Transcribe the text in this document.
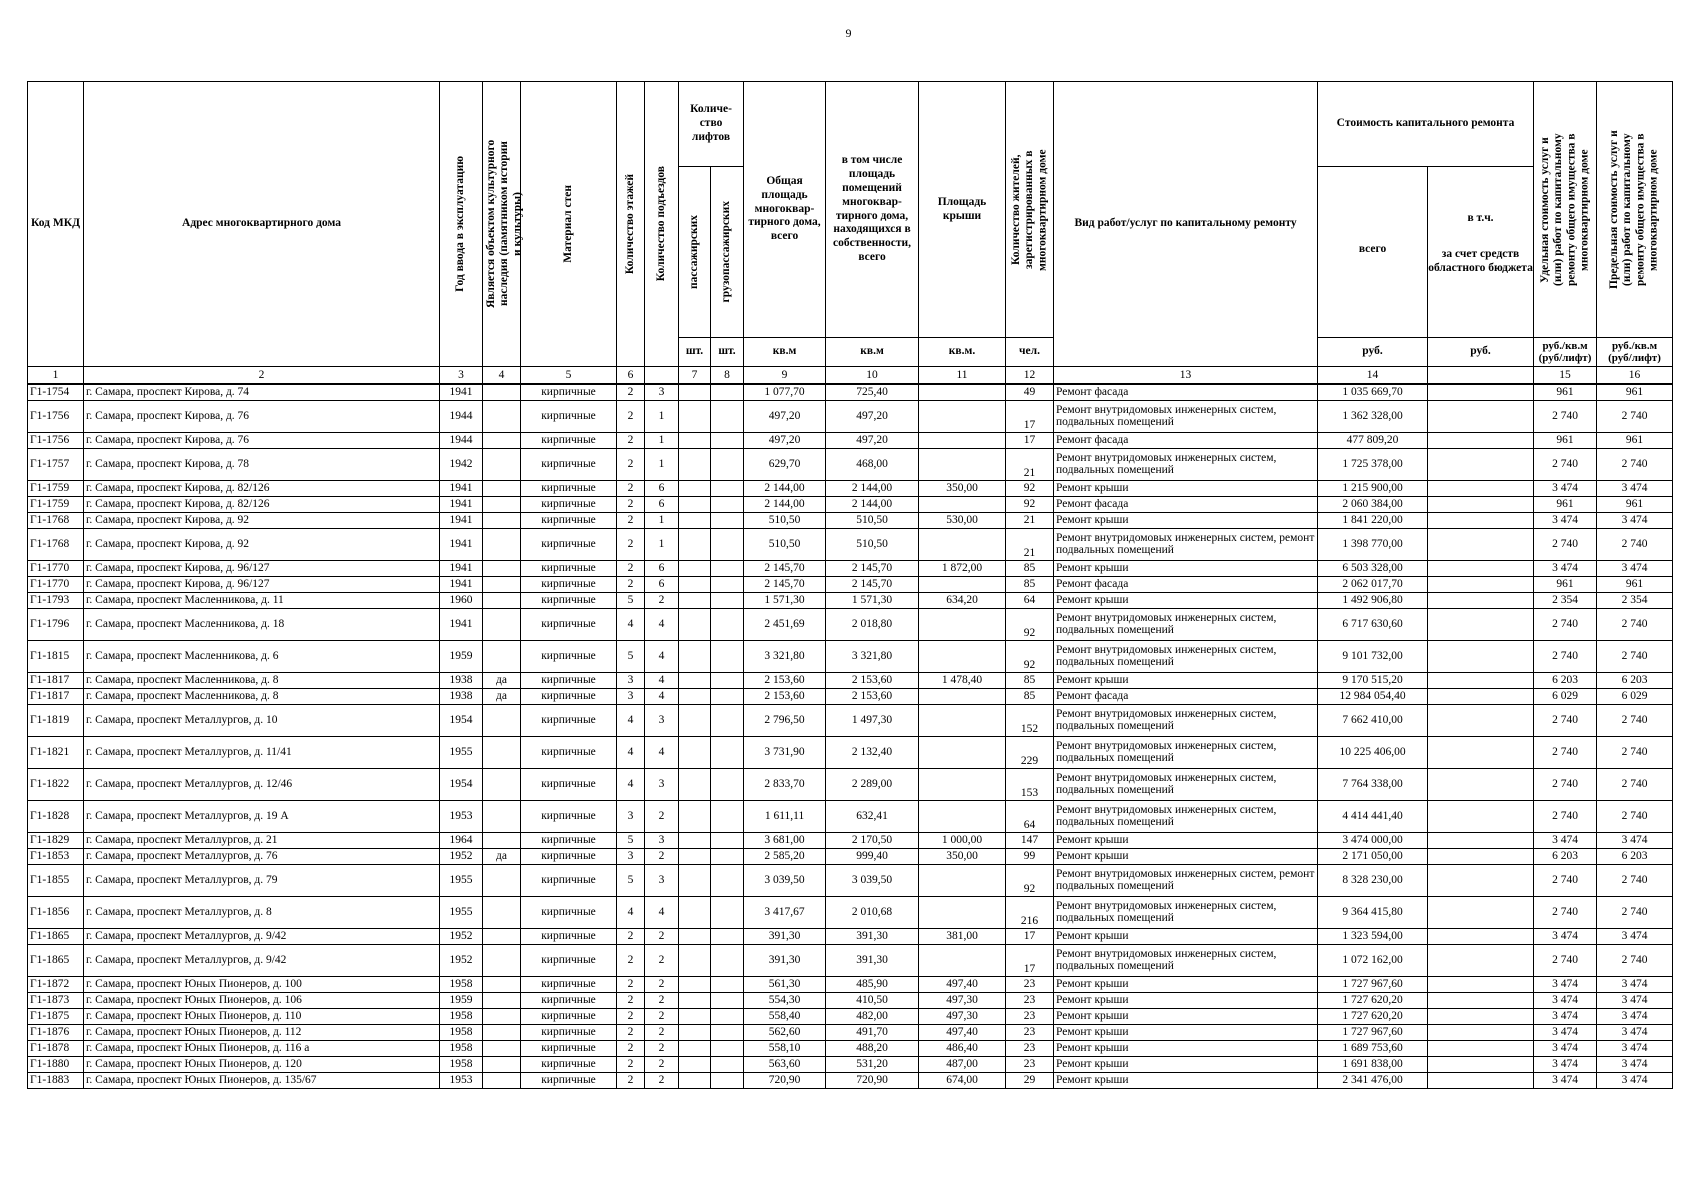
9
Код МКД	Адрес многоквартирного дома	Год ввода в эксплуатацию	Является объектом культурного наследия (памятником истории и культуры)	Материал стен	Количество этажей	Количество подъездов	Количе-ство лифтов		Общая площадь многоквар-тирного дома, всего	в том числе площадь помещений многоквар-тирного дома, находящихся в собственности, всего	Площадь крыши	Количество жителей, зарегистрированных в многоквартирном доме	Вид работ/услуг по капитальному ремонту	Стоимость капитального ремонта		Удельная стоимость услуг и (или) работ по капитальному ремонту общего имущества в многоквартирном доме	Предельная стоимость услуг и (или) работ по капитальному ремонту общего имущества в многоквартирном доме

							пассажирских	грузопассажирских						всего	в т.ч.
за счет средств областного бюджета		

							шт.	шт.	кв.м	кв.м	кв.м.	чел.		руб.	руб.	руб./кв.м (руб/лифт)	руб./кв.м (руб/лифт)
1	2	3	4	5	6		7	8	9	10	11	12	13	14		15	16
Г1-1754	г. Самара, проспект Кирова, д. 74	1941		кирпичные	2	3			1 077,70	725,40		49	Ремонт фасада	1 035 669,70		961	961
Г1-1756	г. Самара, проспект Кирова, д. 76	1944		кирпичные	2	1			497,20	497,20		17	Ремонт внутридомовых инженерных систем, подвальных помещений	1 362 328,00		2 740	2 740
Г1-1756	г. Самара, проспект Кирова, д. 76	1944		кирпичные	2	1			497,20	497,20		17	Ремонт фасада	477 809,20		961	961
Г1-1757	г. Самара, проспект Кирова, д. 78	1942		кирпичные	2	1			629,70	468,00		21	Ремонт внутридомовых инженерных систем, подвальных помещений	1 725 378,00		2 740	2 740
Г1-1759	г. Самара, проспект Кирова, д. 82/126	1941		кирпичные	2	6			2 144,00	2 144,00	350,00	92	Ремонт крыши	1 215 900,00		3 474	3 474
Г1-1759	г. Самара, проспект Кирова, д. 82/126	1941		кирпичные	2	6			2 144,00	2 144,00		92	Ремонт фасада	2 060 384,00		961	961
Г1-1768	г. Самара, проспект Кирова, д. 92	1941		кирпичные	2	1			510,50	510,50	530,00	21	Ремонт крыши	1 841 220,00		3 474	3 474
Г1-1768	г. Самара, проспект Кирова, д. 92	1941		кирпичные	2	1			510,50	510,50		21	Ремонт внутридомовых инженерных систем, ремонт подвальных помещений	1 398 770,00		2 740	2 740
Г1-1770	г. Самара, проспект Кирова, д. 96/127	1941		кирпичные	2	6			2 145,70	2 145,70	1 872,00	85	Ремонт крыши	6 503 328,00		3 474	3 474
Г1-1770	г. Самара, проспект Кирова, д. 96/127	1941		кирпичные	2	6			2 145,70	2 145,70		85	Ремонт фасада	2 062 017,70		961	961
Г1-1793	г. Самара, проспект Масленникова, д. 11	1960		кирпичные	5	2			1 571,30	1 571,30	634,20	64	Ремонт крыши	1 492 906,80		2 354	2 354
Г1-1796	г. Самара, проспект Масленникова, д. 18	1941		кирпичные	4	4			2 451,69	2 018,80		92	Ремонт внутридомовых инженерных систем, подвальных помещений	6 717 630,60		2 740	2 740
Г1-1815	г. Самара, проспект Масленникова, д. 6	1959		кирпичные	5	4			3 321,80	3 321,80		92	Ремонт внутридомовых инженерных систем, подвальных помещений	9 101 732,00		2 740	2 740
Г1-1817	г. Самара, проспект Масленникова, д. 8	1938	да	кирпичные	3	4			2 153,60	2 153,60	1 478,40	85	Ремонт крыши	9 170 515,20		6 203	6 203
Г1-1817	г. Самара, проспект Масленникова, д. 8	1938	да	кирпичные	3	4			2 153,60	2 153,60		85	Ремонт фасада	12 984 054,40		6 029	6 029
Г1-1819	г. Самара, проспект Металлургов, д. 10	1954		кирпичные	4	3			2 796,50	1 497,30		152	Ремонт внутридомовых инженерных систем, подвальных помещений	7 662 410,00		2 740	2 740
Г1-1821	г. Самара, проспект Металлургов, д. 11/41	1955		кирпичные	4	4			3 731,90	2 132,40		229	Ремонт внутридомовых инженерных систем, подвальных помещений	10 225 406,00		2 740	2 740
Г1-1822	г. Самара, проспект Металлургов, д. 12/46	1954		кирпичные	4	3			2 833,70	2 289,00		153	Ремонт внутридомовых инженерных систем, подвальных помещений	7 764 338,00		2 740	2 740
Г1-1828	г. Самара, проспект Металлургов, д. 19 А	1953		кирпичные	3	2			1 611,11	632,41		64	Ремонт внутридомовых инженерных систем, подвальных помещений	4 414 441,40		2 740	2 740
Г1-1829	г. Самара, проспект Металлургов, д. 21	1964		кирпичные	5	3			3 681,00	2 170,50	1 000,00	147	Ремонт крыши	3 474 000,00		3 474	3 474
Г1-1853	г. Самара, проспект Металлургов, д. 76	1952	да	кирпичные	3	2			2 585,20	999,40	350,00	99	Ремонт крыши	2 171 050,00		6 203	6 203
Г1-1855	г. Самара, проспект Металлургов, д. 79	1955		кирпичные	5	3			3 039,50	3 039,50		92	Ремонт внутридомовых инженерных систем, ремонт подвальных помещений	8 328 230,00		2 740	2 740
Г1-1856	г. Самара, проспект Металлургов, д. 8	1955		кирпичные	4	4			3 417,67	2 010,68		216	Ремонт внутридомовых инженерных систем, подвальных помещений	9 364 415,80		2 740	2 740
Г1-1865	г. Самара, проспект Металлургов, д. 9/42	1952		кирпичные	2	2			391,30	391,30	381,00	17	Ремонт крыши	1 323 594,00		3 474	3 474
Г1-1865	г. Самара, проспект Металлургов, д. 9/42	1952		кирпичные	2	2			391,30	391,30		17	Ремонт внутридомовых инженерных систем, подвальных помещений	1 072 162,00		2 740	2 740
Г1-1872	г. Самара, проспект Юных Пионеров, д. 100	1958		кирпичные	2	2			561,30	485,90	497,40	23	Ремонт крыши	1 727 967,60		3 474	3 474
Г1-1873	г. Самара, проспект Юных Пионеров, д. 106	1959		кирпичные	2	2			554,30	410,50	497,30	23	Ремонт крыши	1 727 620,20		3 474	3 474
Г1-1875	г. Самара, проспект Юных Пионеров, д. 110	1958		кирпичные	2	2			558,40	482,00	497,30	23	Ремонт крыши	1 727 620,20		3 474	3 474
Г1-1876	г. Самара, проспект Юных Пионеров, д. 112	1958		кирпичные	2	2			562,60	491,70	497,40	23	Ремонт крыши	1 727 967,60		3 474	3 474
Г1-1878	г. Самара, проспект Юных Пионеров, д. 116 а	1958		кирпичные	2	2			558,10	488,20	486,40	23	Ремонт крыши	1 689 753,60		3 474	3 474
Г1-1880	г. Самара, проспект Юных Пионеров, д. 120	1958		кирпичные	2	2			563,60	531,20	487,00	23	Ремонт крыши	1 691 838,00		3 474	3 474
Г1-1883	г. Самара, проспект Юных Пионеров, д. 135/67	1953		кирпичные	2	2			720,90	720,90	674,00	29	Ремонт крыши	2 341 476,00		3 474	3 474
